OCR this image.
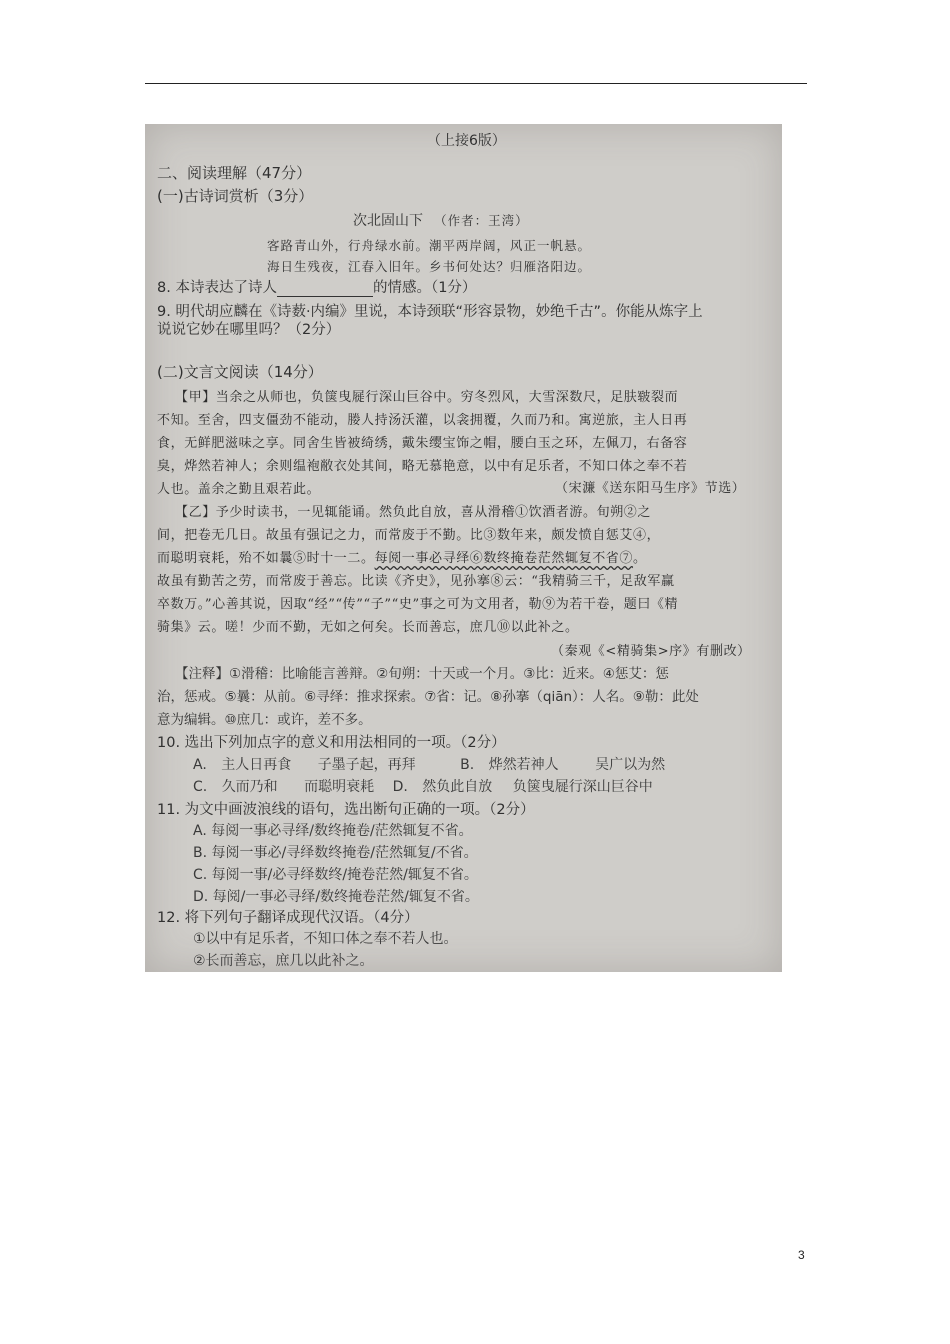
（上接6版）
二、阅读理解（47分）
(一)古诗词赏析（3分）
次北固山下 （作者：王湾）
客路青山外，行舟绿水前。潮平两岸阔，风正一帆悬。
海日生残夜，江春入旧年。乡书何处达？归雁洛阳边。
8. 本诗表达了诗人	的情感。（1分）
9. 明代胡应麟在《诗薮·内编》里说，本诗颈联“形容景物，妙绝千古”。你能从炼字上
说说它妙在哪里吗？（2分）
(二)文言文阅读（14分）
【甲】当余之从师也，负箧曳屣行深山巨谷中。穷冬烈风，大雪深数尺，足肤皲裂而
不知。至舍，四支僵劲不能动，媵人持汤沃灌，以衾拥覆，久而乃和。寓逆旅，主人日再
食，无鲜肥滋味之享。同舍生皆被绮绣，戴朱缨宝饰之帽，腰白玉之环，左佩刀，右备容
臭，烨然若神人；余则缊袍敝衣处其间，略无慕艳意，以中有足乐者，不知口体之奉不若
人也。盖余之勤且艰若此。	（宋濂《送东阳马生序》节选）
【乙】予少时读书，一见辄能诵。然负此自放，喜从滑稽①饮酒者游。旬朔②之
间，把卷无几日。故虽有强记之力，而常废于不勤。比③数年来，颇发愤自惩艾④，
而聪明衰耗，殆不如曩⑤时十一二。每阅一事必寻绎⑥数终掩卷茫然辄复不省⑦。
故虽有勤苦之劳，而常废于善忘。比读《齐史》，见孙搴⑧云：“我精骑三千，足敌军赢
卒数万。”心善其说，因取“经”“传”“子”“史”事之可为文用者，勒⑨为若干卷，题曰《精
骑集》云。嗟！少而不勤，无如之何矣。长而善忘，庶几⑩以此补之。
（秦观《<精骑集>序》有删改）
【注释】①滑稽：比喻能言善辩。②旬朔：十天或一个月。③比：近来。④惩艾：惩
治，惩戒。⑤曩：从前。⑥寻绎：推求探索。⑦省：记。⑧孙搴（qiān）：人名。⑨勒：此处
意为编辑。⑩庶几：或许，差不多。
10. 选出下列加点字的意义和用法相同的一项。（2分）
A. 主人日再食 子墨子起，再拜	B. 烨然若神人	吴广以为然
C. 久而乃和 而聪明衰耗 D. 然负此自放 负箧曳屣行深山巨谷中
11. 为文中画波浪线的语句，选出断句正确的一项。（2分）
A. 每阅一事必寻绎/数终掩卷/茫然辄复不省。
B. 每阅一事必/寻绎数终掩卷/茫然辄复/不省。
C. 每阅一事/必寻绎数终/掩卷茫然/辄复不省。
D. 每阅/一事必寻绎/数终掩卷茫然/辄复不省。
12. 将下列句子翻译成现代汉语。（4分）
①以中有足乐者，不知口体之奉不若人也。
②长而善忘，庶几以此补之。
3
